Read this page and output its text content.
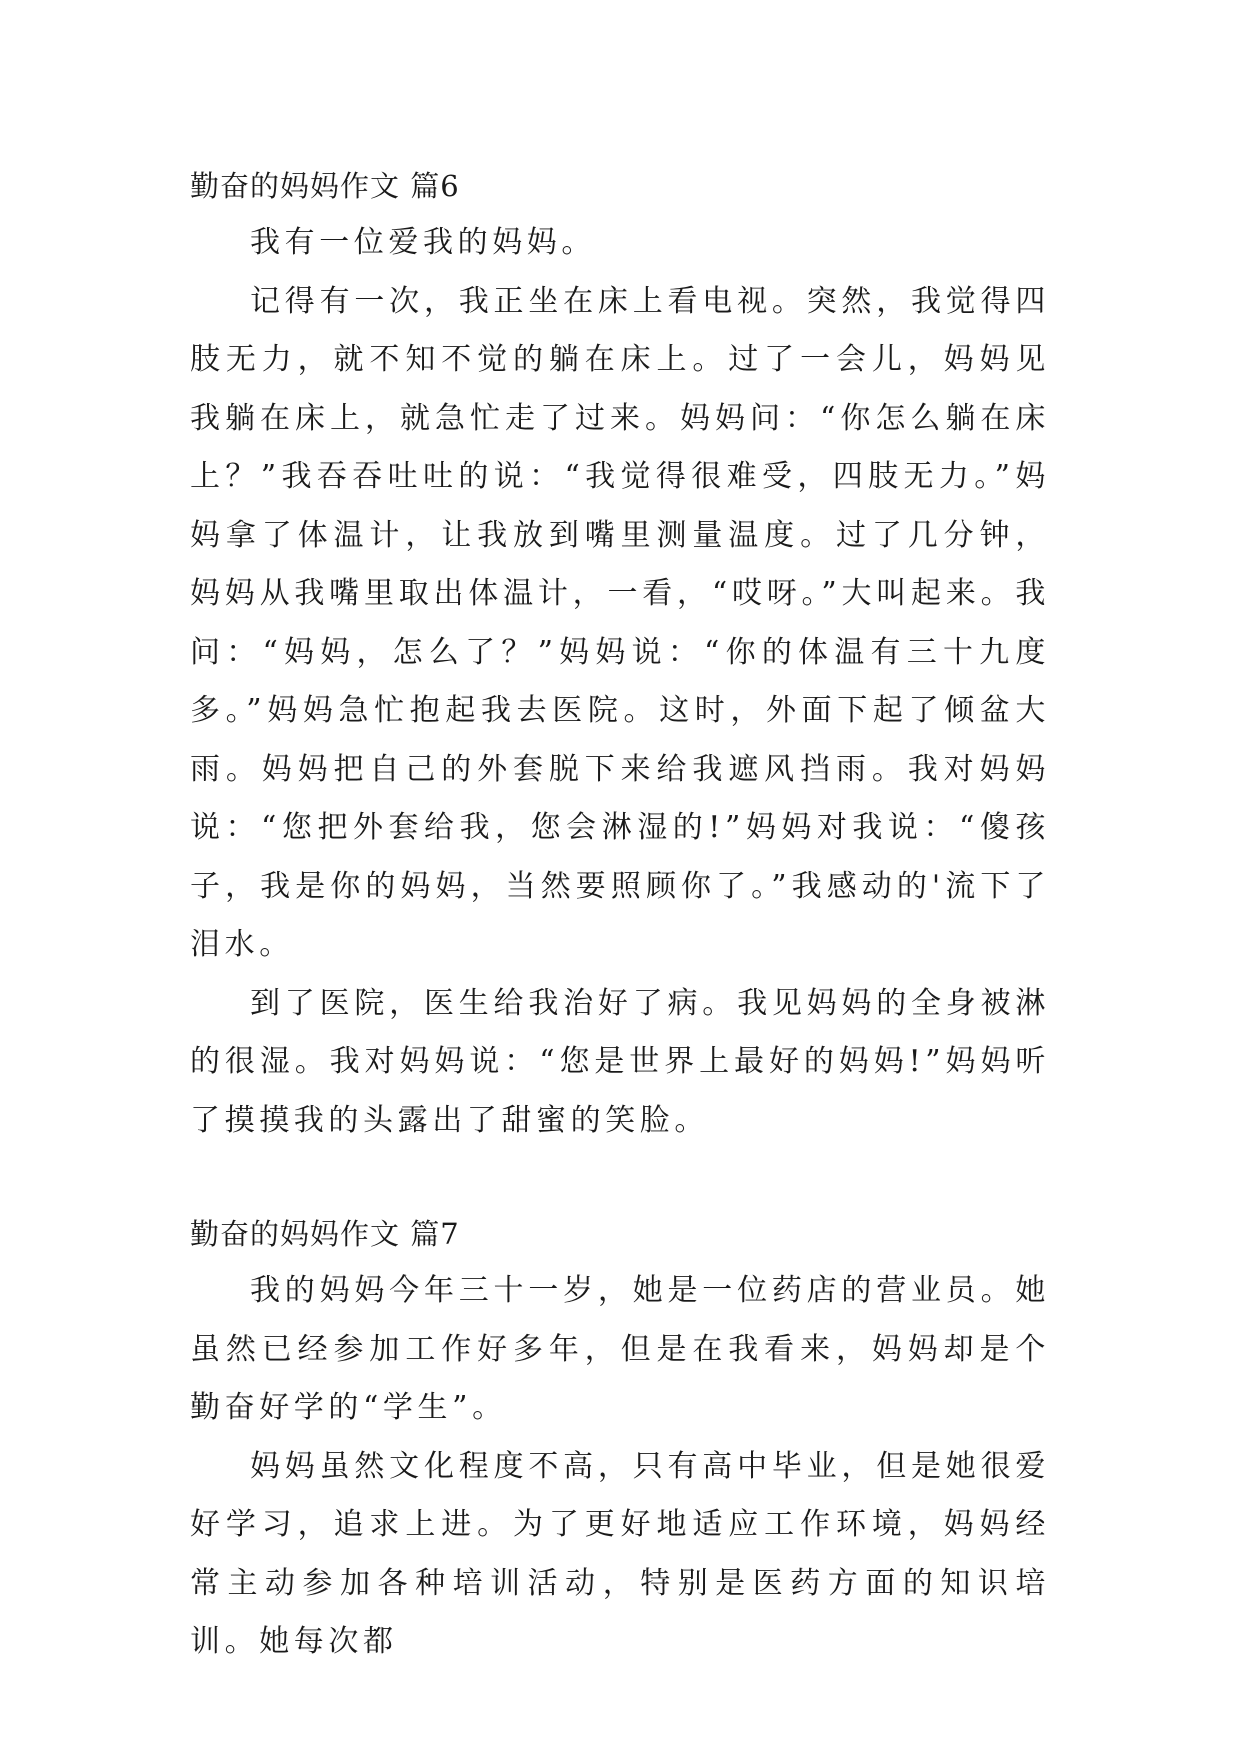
勤奋的妈妈作文 篇6

我有一位爱我的妈妈。

记得有一次，我正坐在床上看电视。突然，我觉得四肢无力，就不知不觉的躺在床上。过了一会儿，妈妈见我躺在床上，就急忙走了过来。妈妈问：“你怎么躺在床上？”我吞吞吐吐的说：“我觉得很难受，四肢无力。”妈妈拿了体温计，让我放到嘴里测量温度。过了几分钟，妈妈从我嘴里取出体温计，一看，“哎呀。”大叫起来。我问：“妈妈，怎么了？”妈妈说：“你的体温有三十九度多。”妈妈急忙抱起我去医院。这时，外面下起了倾盆大雨。妈妈把自己的外套脱下来给我遮风挡雨。我对妈妈说：“您把外套给我，您会淋湿的!”妈妈对我说：“傻孩子，我是你的妈妈，当然要照顾你了。”我感动的'流下了泪水。

到了医院，医生给我治好了病。我见妈妈的全身被淋的很湿。我对妈妈说：“您是世界上最好的妈妈!”妈妈听了摸摸我的头露出了甜蜜的笑脸。

勤奋的妈妈作文 篇7

我的妈妈今年三十一岁，她是一位药店的营业员。她虽然已经参加工作好多年，但是在我看来，妈妈却是个勤奋好学的“学生”。

妈妈虽然文化程度不高，只有高中毕业，但是她很爱好学习，追求上进。为了更好地适应工作环境，妈妈经常主动参加各种培训活动，特别是医药方面的知识培训。她每次都
